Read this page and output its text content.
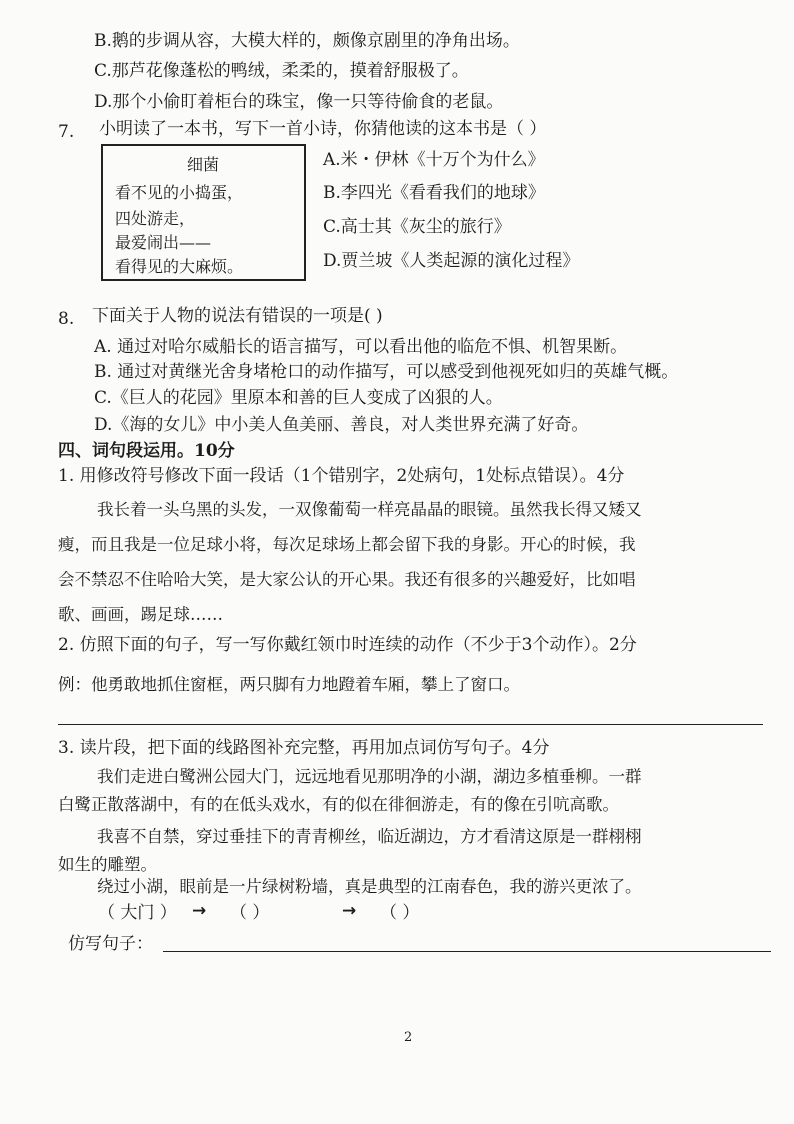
B.鹅的步调从容，大模大样的，颇像京剧里的净角出场。
C.那芦花像蓬松的鸭绒，柔柔的，摸着舒服极了。
D.那个小偷盯着柜台的珠宝，像一只等待偷食的老鼠。
7. 小明读了一本书，写下一首小诗，你猜他读的这本书是（ ）
细菌
看不见的小捣蛋，
四处游走，
最爱闹出——
看得见的大麻烦。
A.米・伊林《十万个为什么》
B.李四光《看看我们的地球》
C.高士其《灰尘的旅行》
D.贾兰坡《人类起源的演化过程》
8. 下面关于人物的说法有错误的一项是( )
A. 通过对哈尔威船长的语言描写，可以看出他的临危不惧、机智果断。
B. 通过对黄继光舍身堵枪口的动作描写，可以感受到他视死如归的英雄气概。
C.《巨人的花园》里原本和善的巨人变成了凶狠的人。
D.《海的女儿》中小美人鱼美丽、善良，对人类世界充满了好奇。
四、词句段运用。10分
1. 用修改符号修改下面一段话（1个错别字，2处病句，1处标点错误）。4分
我长着一头乌黑的头发，一双像葡萄一样亮晶晶的眼镜。虽然我长得又矮又
瘦，而且我是一位足球小将，每次足球场上都会留下我的身影。开心的时候，我
会不禁忍不住哈哈大笑，是大家公认的开心果。我还有很多的兴趣爱好，比如唱
歌、画画，踢足球……
2. 仿照下面的句子，写一写你戴红领巾时连续的动作（不少于3个动作）。2分
例：他勇敢地抓住窗框，两只脚有力地蹬着车厢，攀上了窗口。
3. 读片段，把下面的线路图补充完整，再用加点词仿写句子。4分
我们走进白鹭洲公园大门，远远地看见那明净的小湖，湖边多植垂柳。一群
白鹭正散落湖中，有的在低头戏水，有的似在徘徊游走，有的像在引吭高歌。
我喜不自禁，穿过垂挂下的青青柳丝，临近湖边，方才看清这原是一群栩栩
如生的雕塑。
绕过小湖，眼前是一片绿树粉墙，真是典型的江南春色，我的游兴更浓了。
（ 大门 ） → （ ）	→ （ ）
仿写句子：
2
